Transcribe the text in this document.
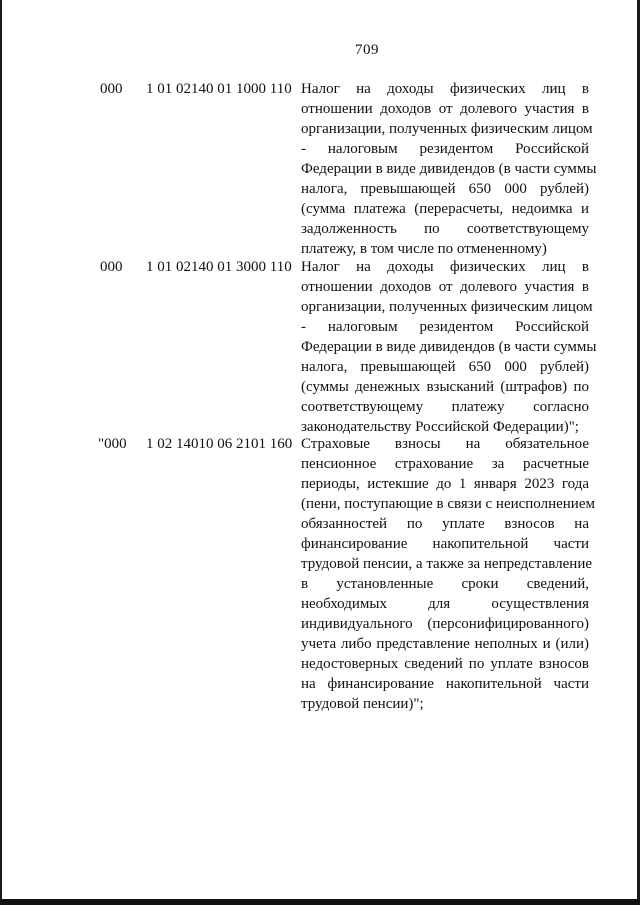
709
000 1 01 02140 01 1000 110 Налог на доходы физических лиц в
отношении доходов от долевого участия в
организации, полученных физическим лицом
- налоговым резидентом Российской
Федерации в виде дивидендов (в части суммы
налога, превышающей 650 000 рублей)
(сумма платежа (перерасчеты, недоимка и
задолженность по соответствующему
платежу, в том числе по отмененному)
000 1 01 02140 01 3000 110 Налог на доходы физических лиц в
отношении доходов от долевого участия в
организации, полученных физическим лицом
- налоговым резидентом Российской
Федерации в виде дивидендов (в части суммы
налога, превышающей 650 000 рублей)
(суммы денежных взысканий (штрафов) по
соответствующему платежу согласно
законодательству Российской Федерации)";
"000 1 02 14010 06 2101 160 Страховые взносы на обязательное
пенсионное страхование за расчетные
периоды, истекшие до 1 января 2023 года
(пени, поступающие в связи с неисполнением
обязанностей по уплате взносов на
финансирование накопительной части
трудовой пенсии, а также за непредставление
в установленные сроки сведений,
необходимых для осуществления
индивидуального (персонифицированного)
учета либо представление неполных и (или)
недостоверных сведений по уплате взносов
на финансирование накопительной части
трудовой пенсии)";
